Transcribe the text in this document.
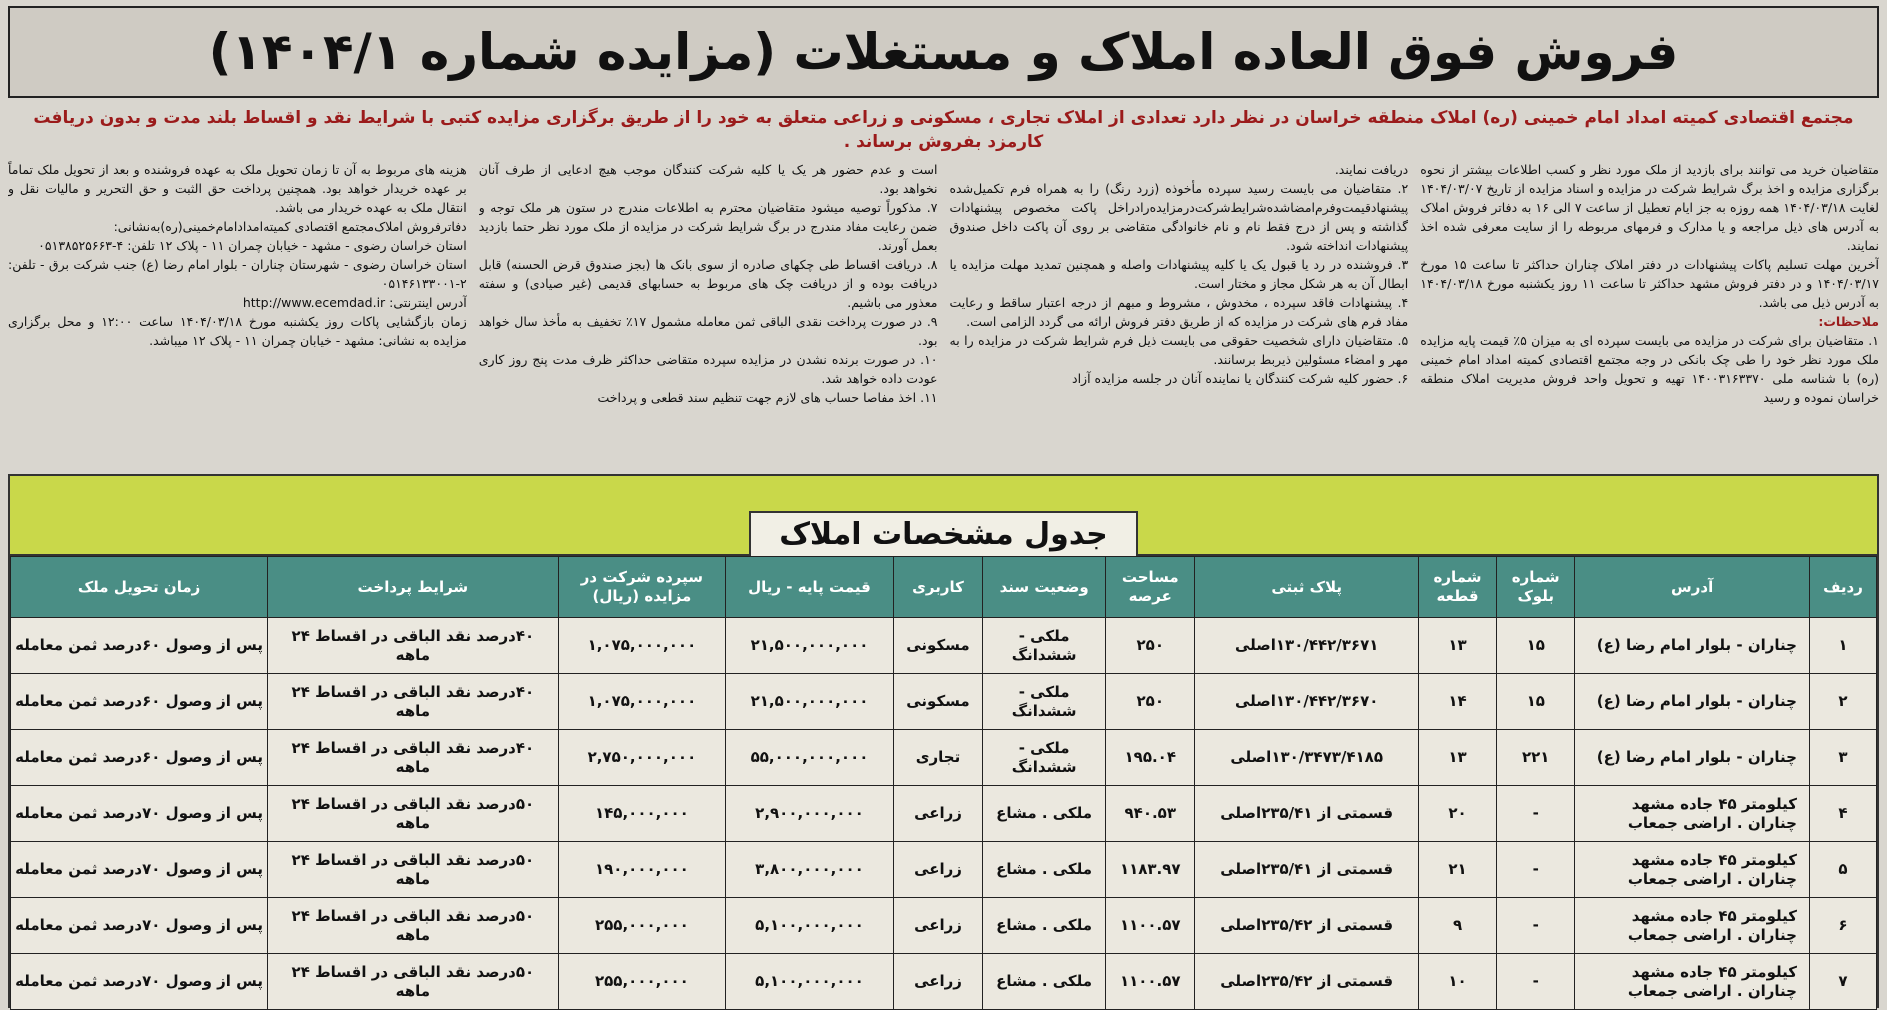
فروش فوق العاده املاک و مستغلات (مزایده شماره ۱۴۰۴/۱)
مجتمع اقتصادی کمیته امداد امام خمینی (ره) املاک منطقه خراسان در نظر دارد تعدادی از املاک تجاری ، مسکونی و زراعی متعلق به خود را از طریق برگزاری مزایده کتبی با شرایط نقد و اقساط بلند مدت و بدون دریافت کارمزد بفروش برساند .

متقاضیان خرید می توانند برای بازدید از ملک مورد نظر و کسب اطلاعات بیشتر از نحوه برگزاری مزایده و اخذ برگ شرایط شرکت در مزایده و اسناد مزایده از تاریخ ۱۴۰۴/۰۳/۰۷ لغایت ۱۴۰۴/۰۳/۱۸ همه روزه به جز ایام تعطیل از ساعت ۷ الی ۱۶ به دفاتر فروش املاک به آدرس های ذیل مراجعه و یا مدارک و فرمهای مربوطه را از سایت معرفی شده اخذ نمایند.

آخرین مهلت تسلیم پاکات پیشنهادات در دفتر املاک چناران حداکثر تا ساعت ۱۵ مورخ ۱۴۰۴/۰۳/۱۷ و در دفتر فروش مشهد حداکثر تا ساعت ۱۱ روز یکشنبه مورخ ۱۴۰۴/۰۳/۱۸ به آدرس ذیل می باشد.

ملاحظات:

۱. متقاضیان برای شرکت در مزایده می بایست سپرده ای به میزان ۵٪ قیمت پایه مزایده ملک مورد نظر خود را طی چک بانکی در وجه مجتمع اقتصادی کمیته امداد امام خمینی (ره) با شناسه ملی ۱۴۰۰۳۱۶۳۳۷۰ تهیه و تحویل واحد فروش مدیریت املاک منطقه خراسان نموده و رسید

دریافت نمایند.

۲. متقاضیان می بایست رسید سپرده مأخوذه (زرد رنگ) را به همراه فرم تکمیل‌شده پیشنهادقیمت‌وفرم‌امضاشده‌شرایط‌شرکت‌درمزایده‌رادراخل پاکت مخصوص پیشنهادات گذاشته و پس از درج فقط نام و نام خانوادگی متقاضی بر روی آن پاکت داخل صندوق پیشنهادات انداخته شود.

۳. فروشنده در رد یا قبول یک یا کلیه پیشنهادات واصله و همچنین تمدید مهلت مزایده یا ابطال آن به هر شکل مجاز و مختار است.

۴. پیشنهادات فاقد سپرده ، مخدوش ، مشروط و مبهم از درجه اعتبار ساقط و رعایت مفاد فرم های شرکت در مزایده که از طریق دفتر فروش ارائه می گردد الزامی است.

۵. متقاضیان دارای شخصیت حقوقی می بایست ذیل فرم شرایط شرکت در مزایده را به مهر و امضاء مسئولین ذیربط برسانند.

۶. حضور کلیه شرکت کنندگان یا نماینده آنان در جلسه مزایده آزاد

است و عدم حضور هر یک یا کلیه شرکت کنندگان موجب هیچ ادعایی از طرف آنان نخواهد بود.

۷. مذکوراً توصیه میشود متقاضیان محترم به اطلاعات مندرج در ستون هر ملک توجه و ضمن رعایت مفاد مندرج در برگ شرایط شرکت در مزایده از ملک مورد نظر حتما بازدید بعمل آورند.

۸. دریافت اقساط طی چکهای صادره از سوی بانک ها (بجز صندوق قرض الحسنه) قابل دریافت بوده و از دریافت چک های مربوط به حسابهای قدیمی (غیر صیادی) و سفته معذور می باشیم.

۹. در صورت پرداخت نقدی الباقی ثمن معامله مشمول ۱۷٪ تخفیف به مأخذ سال خواهد بود.

۱۰. در صورت برنده نشدن در مزایده سپرده متقاضی حداکثر ظرف مدت پنج روز کاری عودت داده خواهد شد.

۱۱. اخذ مفاصا حساب های لازم جهت تنظیم سند قطعی و پرداخت

هزینه های مربوط به آن تا زمان تحویل ملک به عهده فروشنده و بعد از تحویل ملک تماماً بر عهده خریدار خواهد بود. همچنین پرداخت حق الثبت و حق التحریر و مالیات نقل و انتقال ملک به عهده خریدار می باشد.

دفاترفروش املاک‌مجتمع اقتصادی کمیته‌امدادامام‌خمینی(ره)به‌نشانی:

استان خراسان رضوی - مشهد - خیابان چمران ۱۱ - پلاک ۱۲ تلفن: ۴-۰۵۱۳۸۵۲۵۶۶۳

استان خراسان رضوی - شهرستان چناران - بلوار امام رضا (ع) جنب شرکت برق - تلفن: ۲-۰۵۱۴۶۱۳۳۰۰۱

آدرس اینترنتی: http://www.ecemdad.ir

زمان بازگشایی پاکات روز یکشنبه مورخ ۱۴۰۴/۰۳/۱۸ ساعت ۱۲:۰۰ و محل برگزاری مزایده به نشانی: مشهد - خیابان چمران ۱۱ - پلاک ۱۲ میباشد.

جدول مشخصات املاک
ردیف	آدرس	شماره بلوک	شماره قطعه	پلاک ثبتی	مساحت عرصه	وضعیت سند	کاربری	قیمت پایه - ریال	سپرده شرکت در مزایده (ریال)	شرایط پرداخت	زمان تحویل ملک
۱	چناران - بلوار امام رضا (ع)	۱۵	۱۳	۱۳۰/۴۴۲/۳۶۷۱اصلی	۲۵۰	ملکی - ششدانگ	مسکونی	۲۱,۵۰۰,۰۰۰,۰۰۰	۱,۰۷۵,۰۰۰,۰۰۰	۴۰درصد نقد الباقی در اقساط ۲۴ ماهه	پس از وصول ۶۰درصد ثمن معامله
۲	چناران - بلوار امام رضا (ع)	۱۵	۱۴	۱۳۰/۴۴۲/۳۶۷۰اصلی	۲۵۰	ملکی - ششدانگ	مسکونی	۲۱,۵۰۰,۰۰۰,۰۰۰	۱,۰۷۵,۰۰۰,۰۰۰	۴۰درصد نقد الباقی در اقساط ۲۴ ماهه	پس از وصول ۶۰درصد ثمن معامله
۳	چناران - بلوار امام رضا (ع)	۲۲۱	۱۳	۱۳۰/۳۴۷۳/۴۱۸۵اصلی	۱۹۵.۰۴	ملکی - ششدانگ	تجاری	۵۵,۰۰۰,۰۰۰,۰۰۰	۲,۷۵۰,۰۰۰,۰۰۰	۴۰درصد نقد الباقی در اقساط ۲۴ ماهه	پس از وصول ۶۰درصد ثمن معامله
۴	کیلومتر ۴۵ جاده مشهد چناران . اراضی جمعاب	-	۲۰	قسمتی از ۲۳۵/۴۱اصلی	۹۴۰.۵۳	ملکی . مشاع	زراعی	۲,۹۰۰,۰۰۰,۰۰۰	۱۴۵,۰۰۰,۰۰۰	۵۰درصد نقد الباقی در اقساط ۲۴ ماهه	پس از وصول ۷۰درصد ثمن معامله
۵	کیلومتر ۴۵ جاده مشهد چناران . اراضی جمعاب	-	۲۱	قسمتی از ۲۳۵/۴۱اصلی	۱۱۸۳.۹۷	ملکی . مشاع	زراعی	۳,۸۰۰,۰۰۰,۰۰۰	۱۹۰,۰۰۰,۰۰۰	۵۰درصد نقد الباقی در اقساط ۲۴ ماهه	پس از وصول ۷۰درصد ثمن معامله
۶	کیلومتر ۴۵ جاده مشهد چناران . اراضی جمعاب	-	۹	قسمتی از ۲۳۵/۴۲اصلی	۱۱۰۰.۵۷	ملکی . مشاع	زراعی	۵,۱۰۰,۰۰۰,۰۰۰	۲۵۵,۰۰۰,۰۰۰	۵۰درصد نقد الباقی در اقساط ۲۴ ماهه	پس از وصول ۷۰درصد ثمن معامله
۷	کیلومتر ۴۵ جاده مشهد چناران . اراضی جمعاب	-	۱۰	قسمتی از ۲۳۵/۴۲اصلی	۱۱۰۰.۵۷	ملکی . مشاع	زراعی	۵,۱۰۰,۰۰۰,۰۰۰	۲۵۵,۰۰۰,۰۰۰	۵۰درصد نقد الباقی در اقساط ۲۴ ماهه	پس از وصول ۷۰درصد ثمن معامله
